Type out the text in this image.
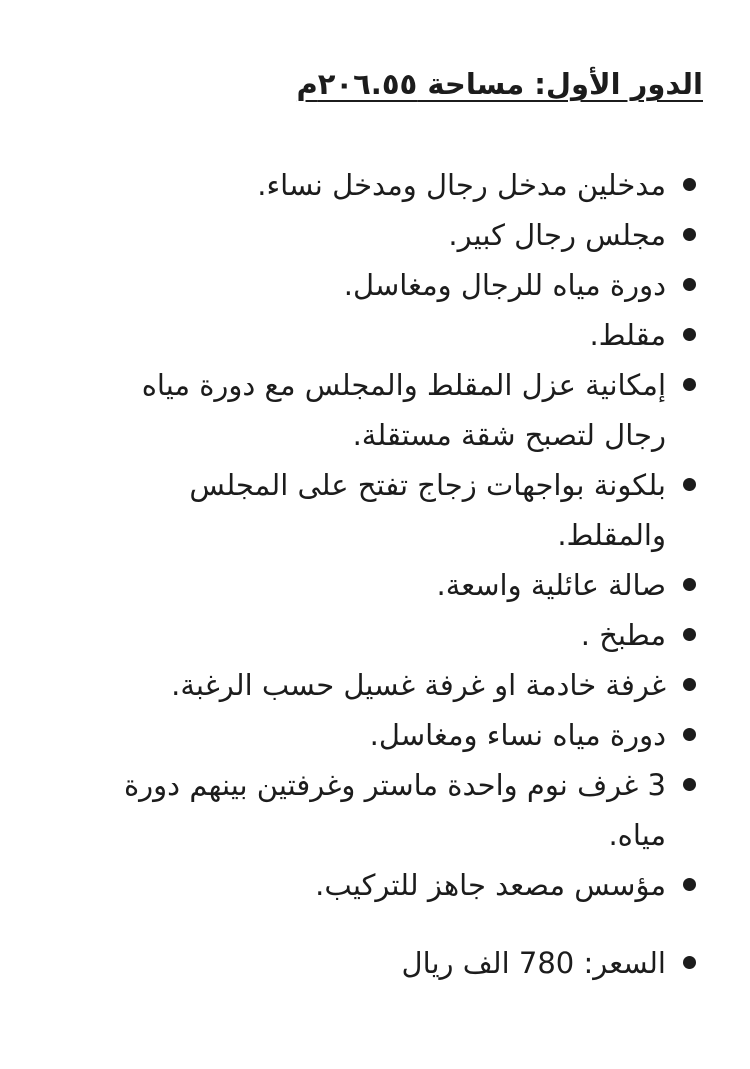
الدور الأول: مساحة ٢٠٦.٥٥م
مدخلين مدخل رجال ومدخل نساء.
مجلس رجال كبير.
دورة مياه للرجال ومغاسل.
مقلط.
إمكانية عزل المقلط والمجلس مع دورة مياه رجال لتصبح شقة مستقلة.
بلكونة بواجهات زجاج تفتح على المجلس والمقلط.
صالة عائلية واسعة.
مطبخ .
غرفة خادمة او غرفة غسيل حسب الرغبة.
دورة مياه نساء ومغاسل.
3 غرف نوم واحدة ماستر وغرفتين بينهم دورة مياه.
مؤسس مصعد جاهز للتركيب.
السعر: 780 الف ريال
